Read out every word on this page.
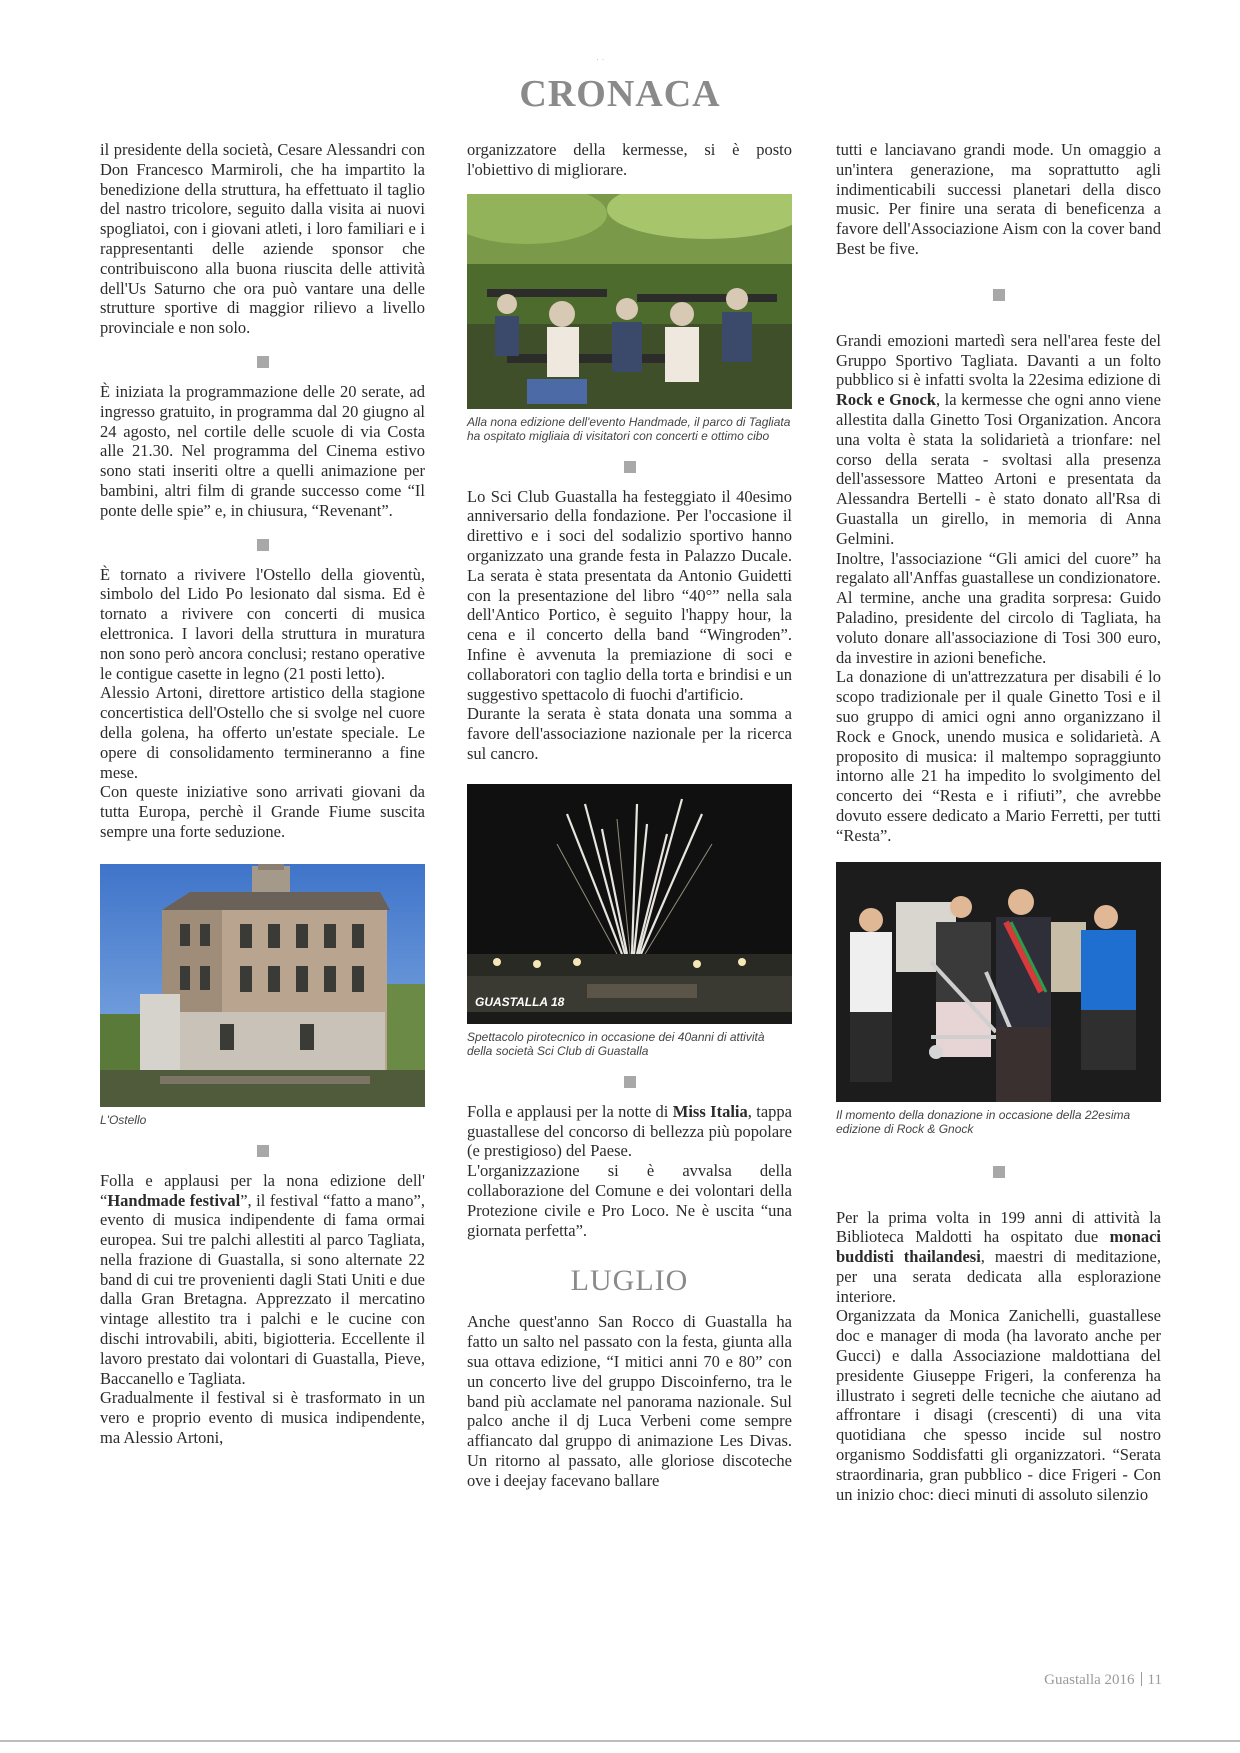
· ·
CRONACA

il presidente della società, Cesare Alessandri con Don Francesco Marmiroli, che ha impartito la benedizione della struttura, ha effettuato il taglio del nastro tricolore, seguito dalla visita ai nuovi spogliatoi, con i giovani atleti, i loro familiari e i rappresentanti delle aziende sponsor che contribuiscono alla buona riuscita delle attività dell'Us Saturno che ora può vantare una delle strutture sportive di maggior rilievo a livello provinciale e non solo.

È iniziata la programmazione delle 20 serate, ad ingresso gratuito, in programma dal 20 giugno al 24 agosto, nel cortile delle scuole di via Costa alle 21.30. Nel programma del Cinema estivo sono stati inseriti oltre a quelli animazione per bambini, altri film di grande successo come “Il ponte delle spie” e, in chiusura, “Revenant”.

È tornato a rivivere l'Ostello della gioventù, simbolo del Lido Po lesionato dal sisma. Ed è tornato a rivivere con concerti di musica elettronica. I lavori della struttura in muratura non sono però ancora conclusi; restano operative le contigue casette in legno (21 posti letto).

Alessio Artoni, direttore artistico della stagione concertistica dell'Ostello che si svolge nel cuore della golena, ha offerto un'estate speciale. Le opere di consolidamento termineranno a fine mese.

Con queste iniziative sono arrivati giovani da tutta Europa, perchè il Grande Fiume suscita sempre una forte seduzione.

L'Ostello

Folla e applausi per la nona edizione dell' “Handmade festival”, il festival “fatto a mano”, evento di musica indipendente di fama ormai europea. Sui tre palchi allestiti al parco Tagliata, nella frazione di Guastalla, si sono alternate 22 band di cui tre provenienti dagli Stati Uniti e due dalla Gran Bretagna. Apprezzato il mercatino vintage allestito tra i palchi e le cucine con dischi introvabili, abiti, bigiotteria. Eccellente il lavoro prestato dai volontari di Guastalla, Pieve, Baccanello e Tagliata.

Gradualmente il festival si è trasformato in un vero e proprio evento di musica indipendente, ma Alessio Artoni,

organizzatore della kermesse, si è posto l'obiettivo di migliorare.

Alla nona edizione dell'evento Handmade, il parco di Tagliata ha ospitato migliaia di visitatori con concerti e ottimo cibo

Lo Sci Club Guastalla ha festeggiato il 40esimo anniversario della fondazione. Per l'occasione il direttivo e i soci del sodalizio sportivo hanno organizzato una grande festa in Palazzo Ducale. La serata è stata presentata da Antonio Guidetti con la presentazione del libro “40°” nella sala dell'Antico Portico, è seguito l'happy hour, la cena e il concerto della band “Wingroden”. Infine è avvenuta la premiazione di soci e collaboratori con taglio della torta e brindisi e un suggestivo spettacolo di fuochi d'artificio.

Durante la serata è stata donata una somma a favore dell'associazione nazionale per la ricerca sul cancro.

GUASTALLA 18

Spettacolo pirotecnico in occasione dei 40anni di attività della società Sci Club di Guastalla

Folla e applausi per la notte di Miss Italia, tappa guastallese del concorso di bellezza più popolare (e prestigioso) del Paese.

L'organizzazione si è avvalsa della collaborazione del Comune e dei volontari della Protezione civile e Pro Loco. Ne è uscita “una giornata perfetta”.

LUGLIO

Anche quest'anno San Rocco di Guastalla ha fatto un salto nel passato con la festa, giunta alla sua ottava edizione, “I mitici anni 70 e 80” con un concerto live del gruppo Discoinferno, tra le band più acclamate nel panorama nazionale. Sul palco anche il dj Luca Verbeni come sempre affiancato dal gruppo di animazione Les Divas. Un ritorno al passato, alle gloriose discoteche ove i deejay facevano ballare

tutti e lanciavano grandi mode. Un omaggio a un'intera generazione, ma soprattutto agli indimenticabili successi planetari della disco music. Per finire una serata di beneficenza a favore dell'Associazione Aism con la cover band Best be five.

Grandi emozioni martedì sera nell'area feste del Gruppo Sportivo Tagliata. Davanti a un folto pubblico si è infatti svolta la 22esima edizione di Rock e Gnock, la kermesse che ogni anno viene allestita dalla Ginetto Tosi Organization. Ancora una volta è stata la solidarietà a trionfare: nel corso della serata - svoltasi alla presenza dell'assessore Matteo Artoni e presentata da Alessandra Bertelli - è stato donato all'Rsa di Guastalla un girello, in memoria di Anna Gelmini.

Inoltre, l'associazione “Gli amici del cuore” ha regalato all'Anffas guastallese un condizionatore.

Al termine, anche una gradita sorpresa: Guido Paladino, presidente del circolo di Tagliata, ha voluto donare all'associazione di Tosi 300 euro, da investire in azioni benefiche.

La donazione di un'attrezzatura per disabili é lo scopo tradizionale per il quale Ginetto Tosi e il suo gruppo di amici ogni anno organizzano il Rock e Gnock, unendo musica e solidarietà. A proposito di musica: il maltempo sopraggiunto intorno alle 21 ha impedito lo svolgimento del concerto dei “Resta e i rifiuti”, che avrebbe dovuto essere dedicato a Mario Ferretti, per tutti “Resta”.

Il momento della donazione in occasione della 22esima edizione di Rock & Gnock

Per la prima volta in 199 anni di attività la Biblioteca Maldotti ha ospitato due monaci buddisti thailandesi, maestri di meditazione, per una serata dedicata alla esplorazione interiore.

Organizzata da Monica Zanichelli, guastallese doc e manager di moda (ha lavorato anche per Gucci) e dalla Associazione maldottiana del presidente Giuseppe Frigeri, la conferenza ha illustrato i segreti delle tecniche che aiutano ad affrontare i disagi (crescenti) di una vita quotidiana che spesso incide sul nostro organismo Soddisfatti gli organizzatori. “Serata straordinaria, gran pubblico - dice Frigeri - Con un inizio choc: dieci minuti di assoluto silenzio

Guastalla 2016 11
